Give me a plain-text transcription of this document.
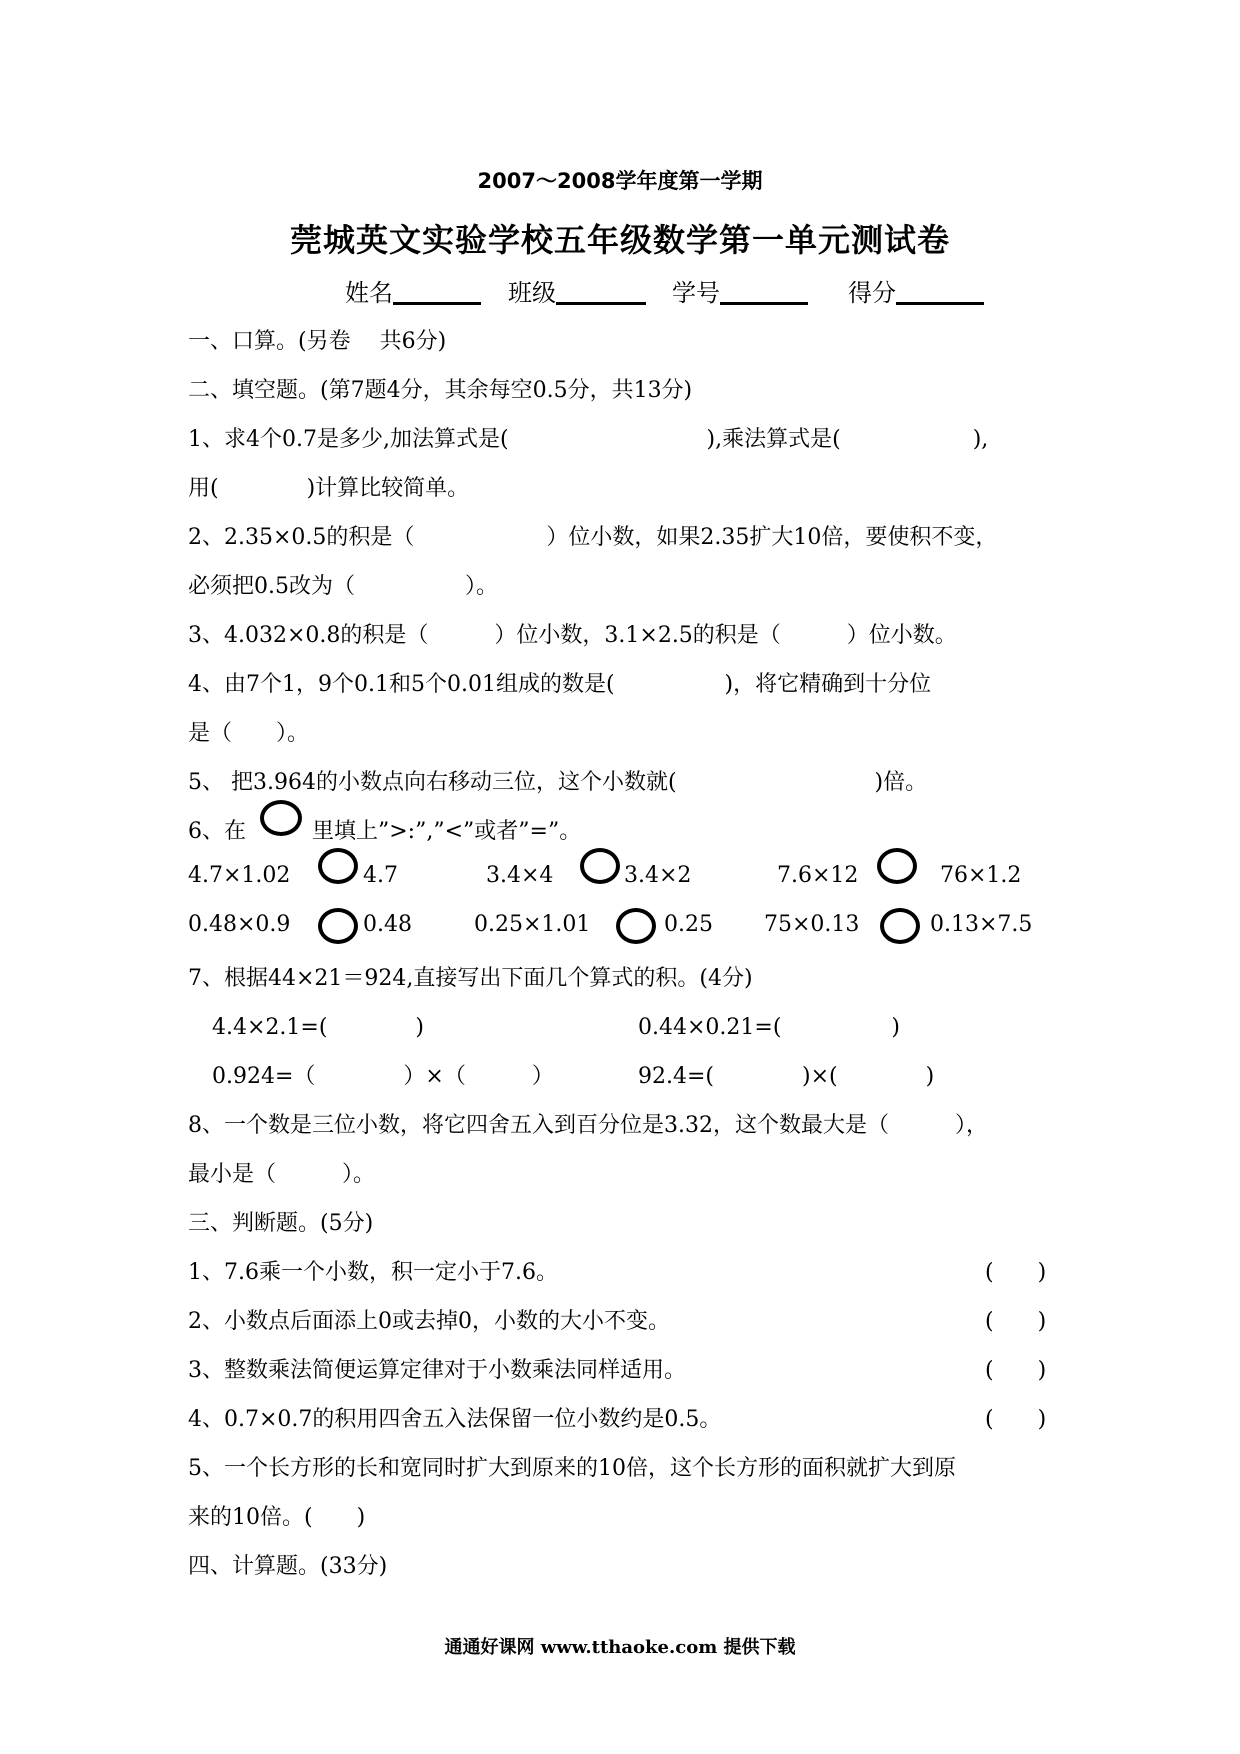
2007～2008学年度第一学期
莞城英文实验学校五年级数学第一单元测试卷
姓名	班级	学号	得分
一、口算。(另卷　 共6分)
二、填空题。(第7题4分，其余每空0.5分，共13分)
1、求4个0.7是多少,加法算式是(　　　　　　　　　),乘法算式是(　　　　　　),
用(　　　　)计算比较简单。
2、2.35×0.5的积是（　　　　　　）位小数，如果2.35扩大10倍，要使积不变，
必须把0.5改为（　　　　　）。
3、4.032×0.8的积是（　　　）位小数，3.1×2.5的积是（　　　）位小数。
4、由7个1，9个0.1和5个0.01组成的数是(　　　　　)，将它精确到十分位
是（　　）。
5、 把3.964的小数点向右移动三位，这个小数就(　　　　　　　　　)倍。
6、在	里填上”>:”,”<”或者”=”。
4.7×1.02	4.7	3.4×4	3.4×2	7.6×12	76×1.2
0.48×0.9	0.48	0.25×1.01	0.25 75×0.13	0.13×7.5
7、根据44×21＝924,直接写出下面几个算式的积。(4分)
4.4×2.1=(　　　　)	0.44×0.21=(　　　　　)
0.924=（　　　　）×（　　　）	92.4=(　　　　)×(　　　　)
8、一个数是三位小数，将它四舍五入到百分位是3.32，这个数最大是（　　　），
最小是（　　　）。
三、判断题。(5分)
1、7.6乘一个小数，积一定小于7.6。	(　　)
2、小数点后面添上0或去掉0，小数的大小不变。	(　　)
3、整数乘法简便运算定律对于小数乘法同样适用。	(　　)
4、0.7×0.7的积用四舍五入法保留一位小数约是0.5。	(　　)
5、一个长方形的长和宽同时扩大到原来的10倍，这个长方形的面积就扩大到原
来的10倍。(　　)
四、计算题。(33分)
通通好课网 www.tthaoke.com 提供下载
